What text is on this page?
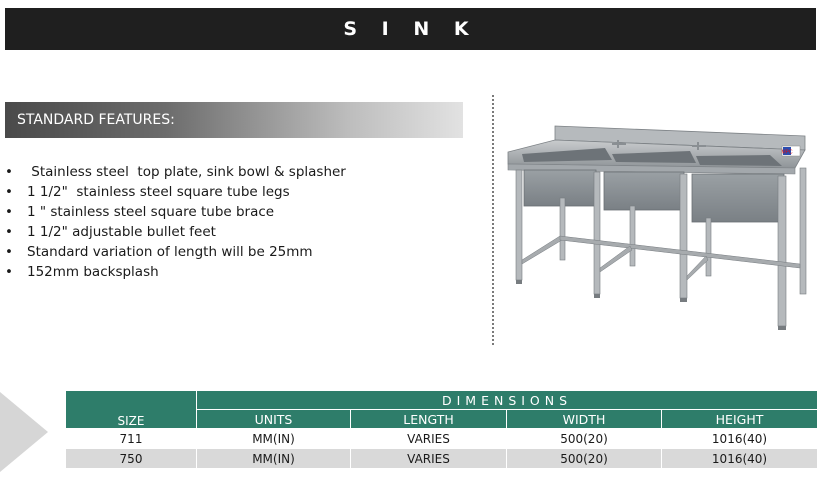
S I N K
STANDARD FEATURES:
•  Stainless steel  top plate, sink bowl & splasher
• 1 1/2"  stainless steel square tube legs
• 1 " stainless steel square tube brace
• 1 1/2" adjustable bullet feet
• Standard variation of length will be 25mm
• 152mm backsplash
MPC
SIZE	DIMENSIONS			
	UNITS	LENGTH	WIDTH	HEIGHT
711	MM(IN)	VARIES	500(20)	1016(40)
750	MM(IN)	VARIES	500(20)	1016(40)
